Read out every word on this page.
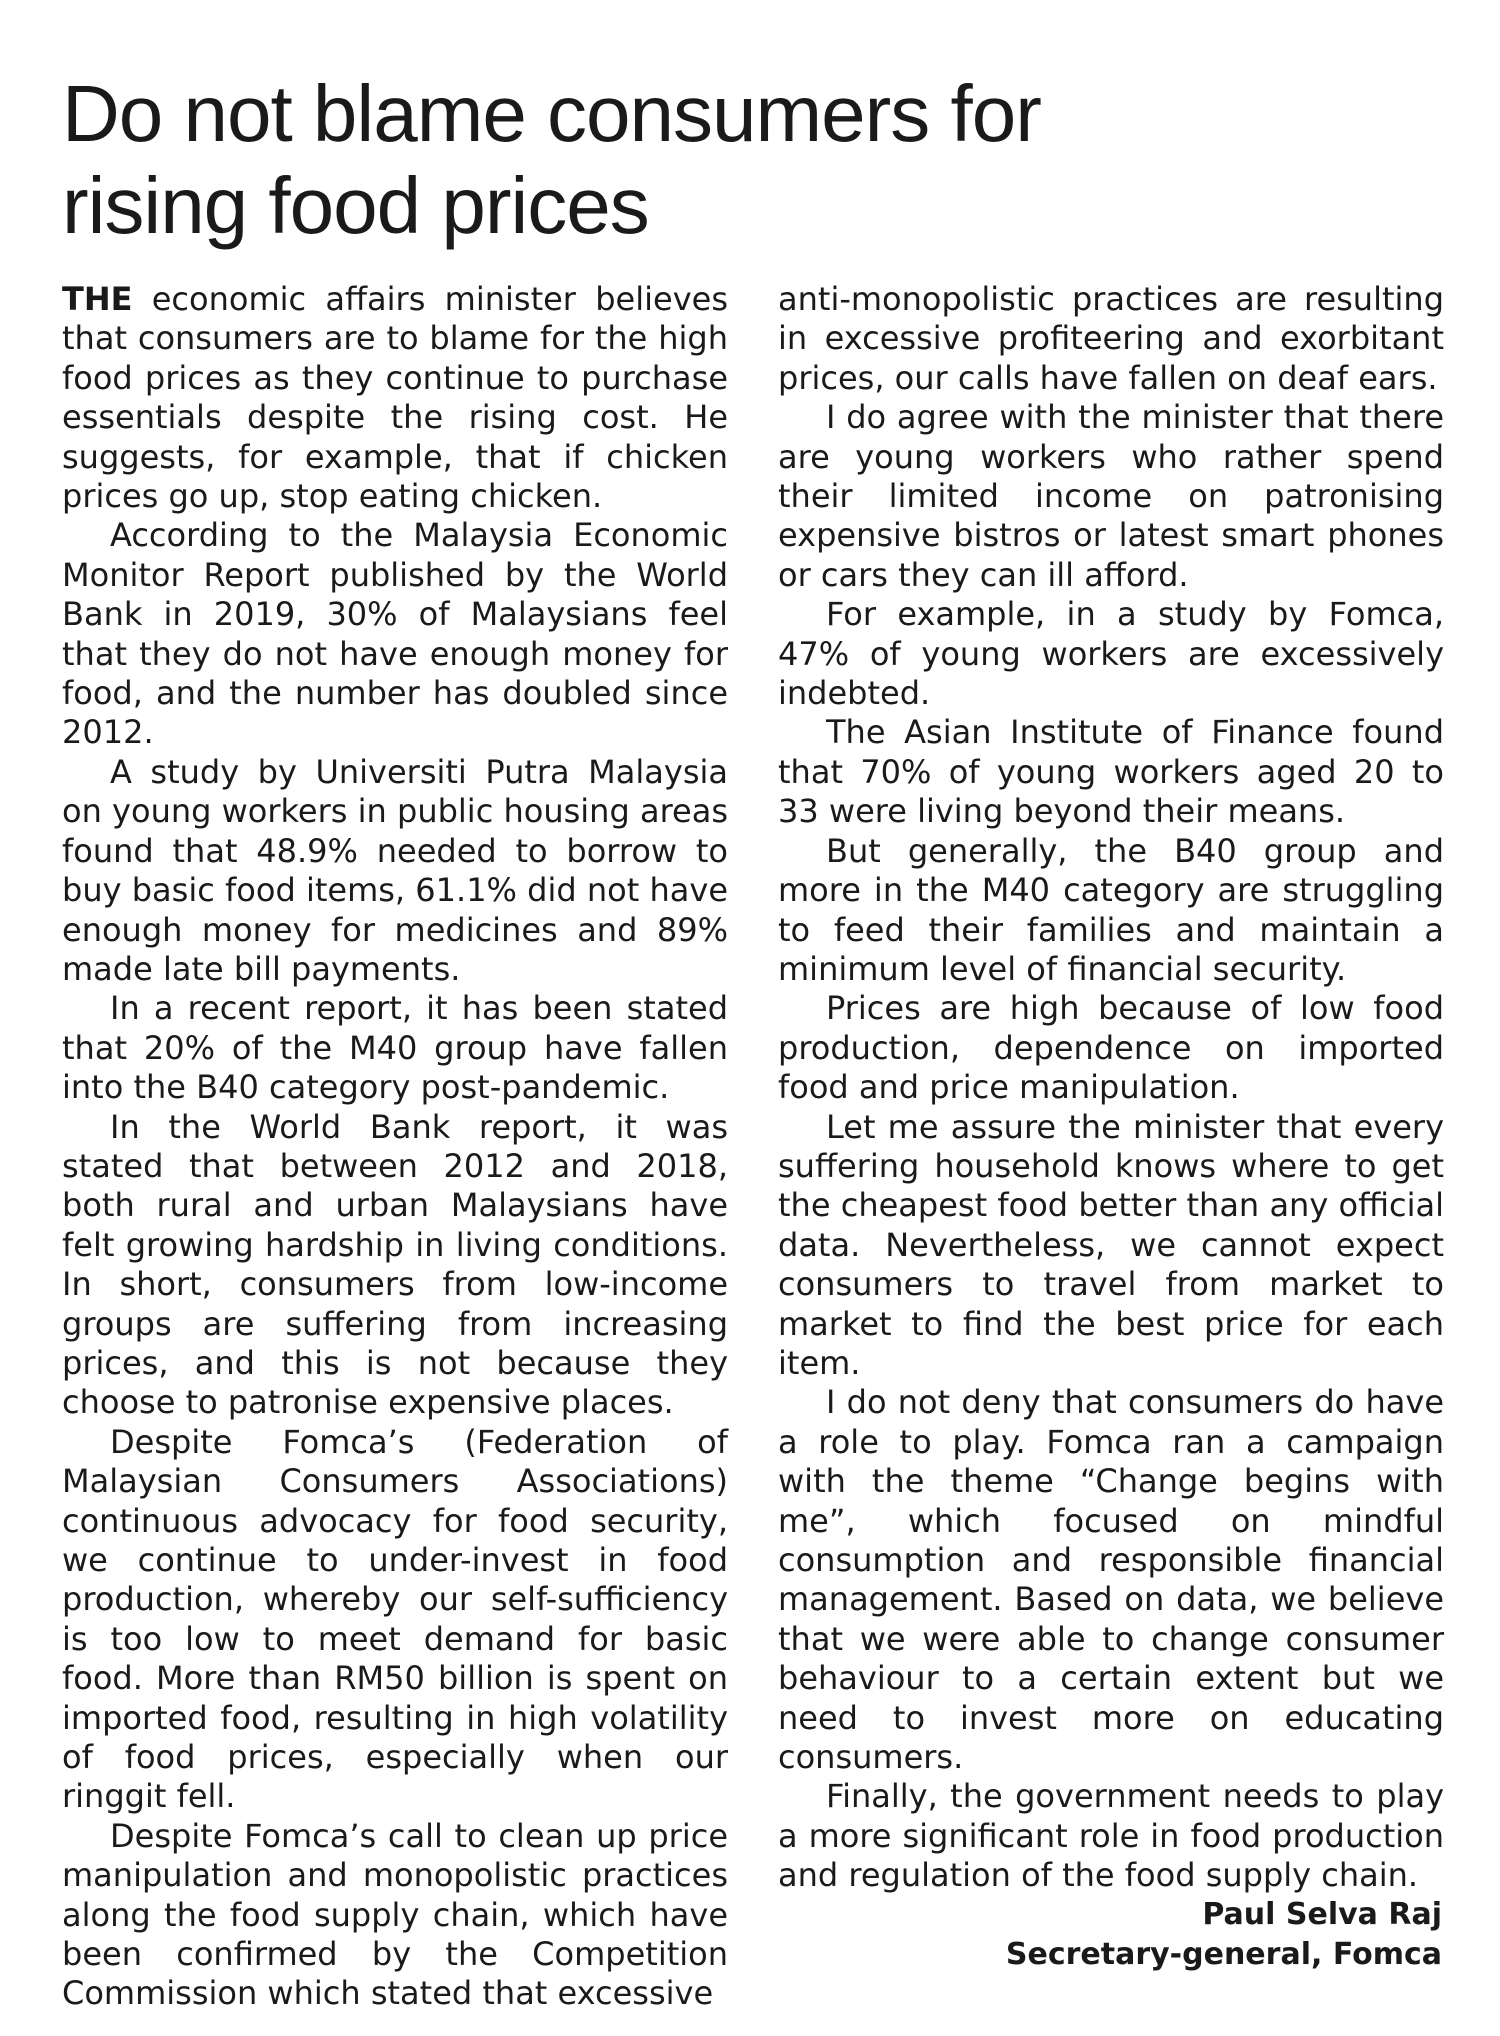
Do not blame consumers for rising food prices

THE economic affairs minister believes that consumers are to blame for the high food prices as they continue to purchase essentials despite the rising cost. He suggests, for example, that if chicken prices go up, stop eating chicken.

According to the Malaysia Economic Monitor Report published by the World Bank in 2019, 30% of Malaysians feel that they do not have enough money for food, and the number has doubled since 2012.

A study by Universiti Putra Malaysia on young workers in public housing areas found that 48.9% needed to borrow to buy basic food items, 61.1% did not have enough money for medicines and 89% made late bill payments.

In a recent report, it has been stated that 20% of the M40 group have fallen into the B40 category post-pandemic.

In the World Bank report, it was stated that between 2012 and 2018, both rural and urban Malaysians have felt growing hardship in living conditions. In short, consumers from low-income groups are suffering from increasing prices, and this is not because they choose to patronise expensive places.

Despite Fomca’s (Federation of Malaysian Consumers Associations) continuous advocacy for food security, we continue to under-invest in food production, whereby our self-sufficiency is too low to meet demand for basic food. More than RM50 billion is spent on imported food, resulting in high volatility of food prices, especially when our ringgit fell.

Despite Fomca’s call to clean up price manipulation and monopolistic practices along the food supply chain, which have been confirmed by the Competition Commission which stated that excessive

anti-monopolistic practices are resulting in excessive profiteering and exorbitant prices, our calls have fallen on deaf ears.

I do agree with the minister that there are young workers who rather spend their limited income on patronising expensive bistros or latest smart phones or cars they can ill afford.

For example, in a study by Fomca, 47% of young workers are excessively indebted.

The Asian Institute of Finance found that 70% of young workers aged 20 to 33 were living beyond their means.

But generally, the B40 group and more in the M40 category are struggling to feed their families and maintain a minimum level of financial security.

Prices are high because of low food production, dependence on imported food and price manipulation.

Let me assure the minister that every suffering household knows where to get the cheapest food better than any official data. Nevertheless, we cannot expect consumers to travel from market to market to find the best price for each item.

I do not deny that consumers do have a role to play. Fomca ran a campaign with the theme “Change begins with me”, which focused on mindful consumption and responsible financial management. Based on data, we believe that we were able to change consumer behaviour to a certain extent but we need to invest more on educating consumers.

Finally, the government needs to play a more significant role in food production and regulation of the food supply chain.

Paul Selva Raj
Secretary-general, Fomca
